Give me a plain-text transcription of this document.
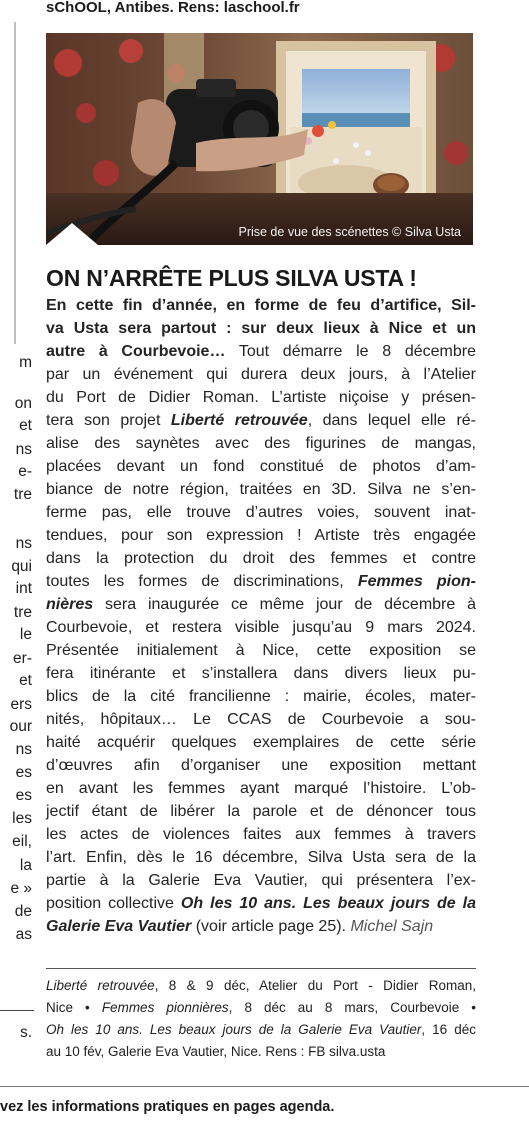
sChOOL, Antibes. Rens: laschool.fr
m
on
et
ns
e-
tre
ns
qui
int
tre
le
er-
et
ers
our
ns
es
es
les
eil,
la
e »
de
as
s.
Prise de vue des scénettes © Silva Usta
ON N’ARRÊTE PLUS SILVA USTA !
En cette fin d’année, en forme de feu d’artifice, Sil-
va Usta sera partout : sur deux lieux à Nice et un
autre à Courbevoie… Tout démarre le 8 décembre
par un événement qui durera deux jours, à l’Atelier
du Port de Didier Roman. L’artiste niçoise y présen-
tera son projet Liberté retrouvée, dans lequel elle ré-
alise des saynètes avec des figurines de mangas,
placées devant un fond constitué de photos d’am-
biance de notre région, traitées en 3D. Silva ne s’en-
ferme pas, elle trouve d’autres voies, souvent inat-
tendues, pour son expression ! Artiste très engagée
dans la protection du droit des femmes et contre
toutes les formes de discriminations, Femmes pion-
nières sera inaugurée ce même jour de décembre à
Courbevoie, et restera visible jusqu’au 9 mars 2024.
Présentée initialement à Nice, cette exposition se
fera itinérante et s’installera dans divers lieux pu-
blics de la cité francilienne : mairie, écoles, mater-
nités, hôpitaux… Le CCAS de Courbevoie a sou-
haité acquérir quelques exemplaires de cette série
d’œuvres afin d’organiser une exposition mettant
en avant les femmes ayant marqué l’histoire. L’ob-
jectif étant de libérer la parole et de dénoncer tous
les actes de violences faites aux femmes à travers
l’art. Enfin, dès le 16 décembre, Silva Usta sera de la
partie à la Galerie Eva Vautier, qui présentera l’ex-
position collective Oh les 10 ans. Les beaux jours de la
Galerie Eva Vautier (voir article page 25). Michel Sajn
Liberté retrouvée, 8 & 9 déc, Atelier du Port - Didier Roman,
Nice • Femmes pionnières, 8 déc au 8 mars, Courbevoie •
Oh les 10 ans. Les beaux jours de la Galerie Eva Vautier, 16 déc
au 10 fév, Galerie Eva Vautier, Nice. Rens : FB silva.usta
vez les informations pratiques en pages agenda.
